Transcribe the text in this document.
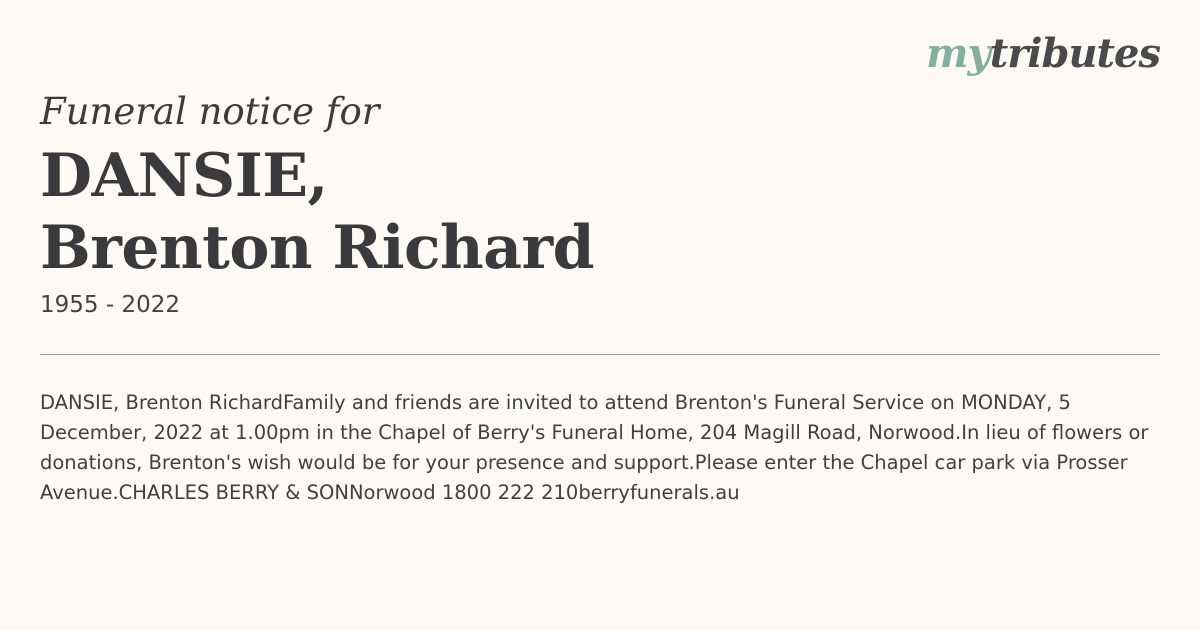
mytributes
Funeral notice for
DANSIE,
Brenton Richard
1955 - 2022

DANSIE, Brenton RichardFamily and friends are invited to attend Brenton's Funeral Service on MONDAY, 5 December, 2022 at 1.00pm in the Chapel of Berry's Funeral Home, 204 Magill Road, Norwood.In lieu of flowers or donations, Brenton's wish would be for your presence and support.Please enter the Chapel car park via Prosser Avenue.CHARLES BERRY & SONNorwood 1800 222 210berryfunerals.au
